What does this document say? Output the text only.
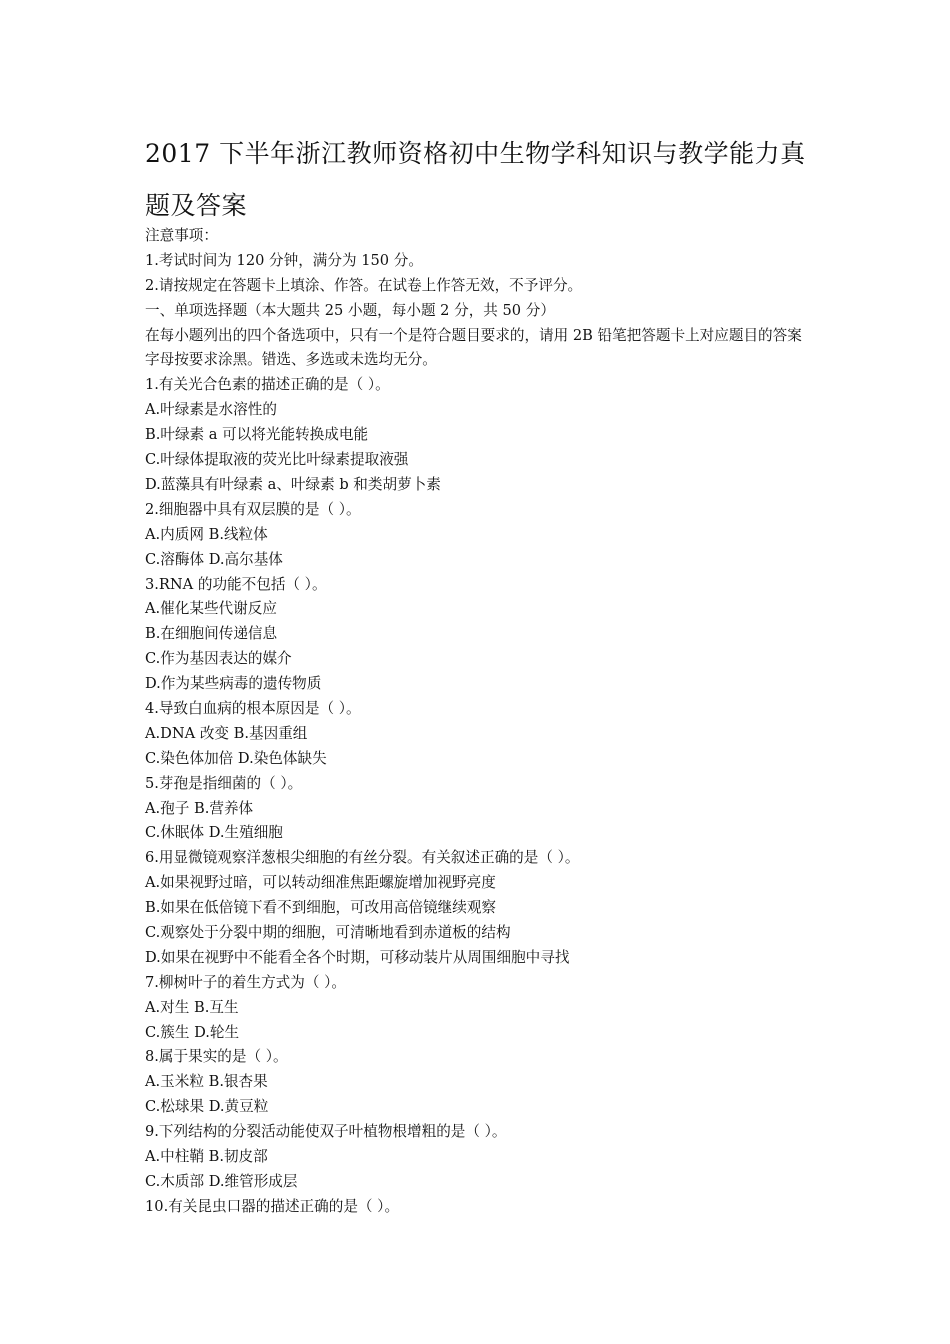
2017 下半年浙江教师资格初中生物学科知识与教学能力真题及答案
注意事项：
1.考试时间为 120 分钟，满分为 150 分。
2.请按规定在答题卡上填涂、作答。在试卷上作答无效，不予评分。
一、单项选择题（本大题共 25 小题，每小题 2 分，共 50 分）
在每小题列出的四个备选项中，只有一个是符合题目要求的，请用 2B 铅笔把答题卡上对应题目的答案字母按要求涂黑。错选、多选或未选均无分。
1.有关光合色素的描述正确的是（ ）。
A.叶绿素是水溶性的
B.叶绿素 a 可以将光能转换成电能
C.叶绿体提取液的荧光比叶绿素提取液强
D.蓝藻具有叶绿素 a、叶绿素 b 和类胡萝卜素
2.细胞器中具有双层膜的是（ ）。
A.内质网 B.线粒体
C.溶酶体 D.高尔基体
3.RNA 的功能不包括（ ）。
A.催化某些代谢反应
B.在细胞间传递信息
C.作为基因表达的媒介
D.作为某些病毒的遗传物质
4.导致白血病的根本原因是（ ）。
A.DNA 改变 B.基因重组
C.染色体加倍 D.染色体缺失
5.芽孢是指细菌的（ ）。
A.孢子 B.营养体
C.休眠体 D.生殖细胞
6.用显微镜观察洋葱根尖细胞的有丝分裂。有关叙述正确的是（ ）。
A.如果视野过暗，可以转动细准焦距螺旋增加视野亮度
B.如果在低倍镜下看不到细胞，可改用高倍镜继续观察
C.观察处于分裂中期的细胞，可清晰地看到赤道板的结构
D.如果在视野中不能看全各个时期，可移动装片从周围细胞中寻找
7.柳树叶子的着生方式为（ ）。
A.对生 B.互生
C.簇生 D.轮生
8.属于果实的是（ ）。
A.玉米粒 B.银杏果
C.松球果 D.黄豆粒
9.下列结构的分裂活动能使双子叶植物根增粗的是（ ）。
A.中柱鞘 B.韧皮部
C.木质部 D.维管形成层
10.有关昆虫口器的描述正确的是（ ）。
